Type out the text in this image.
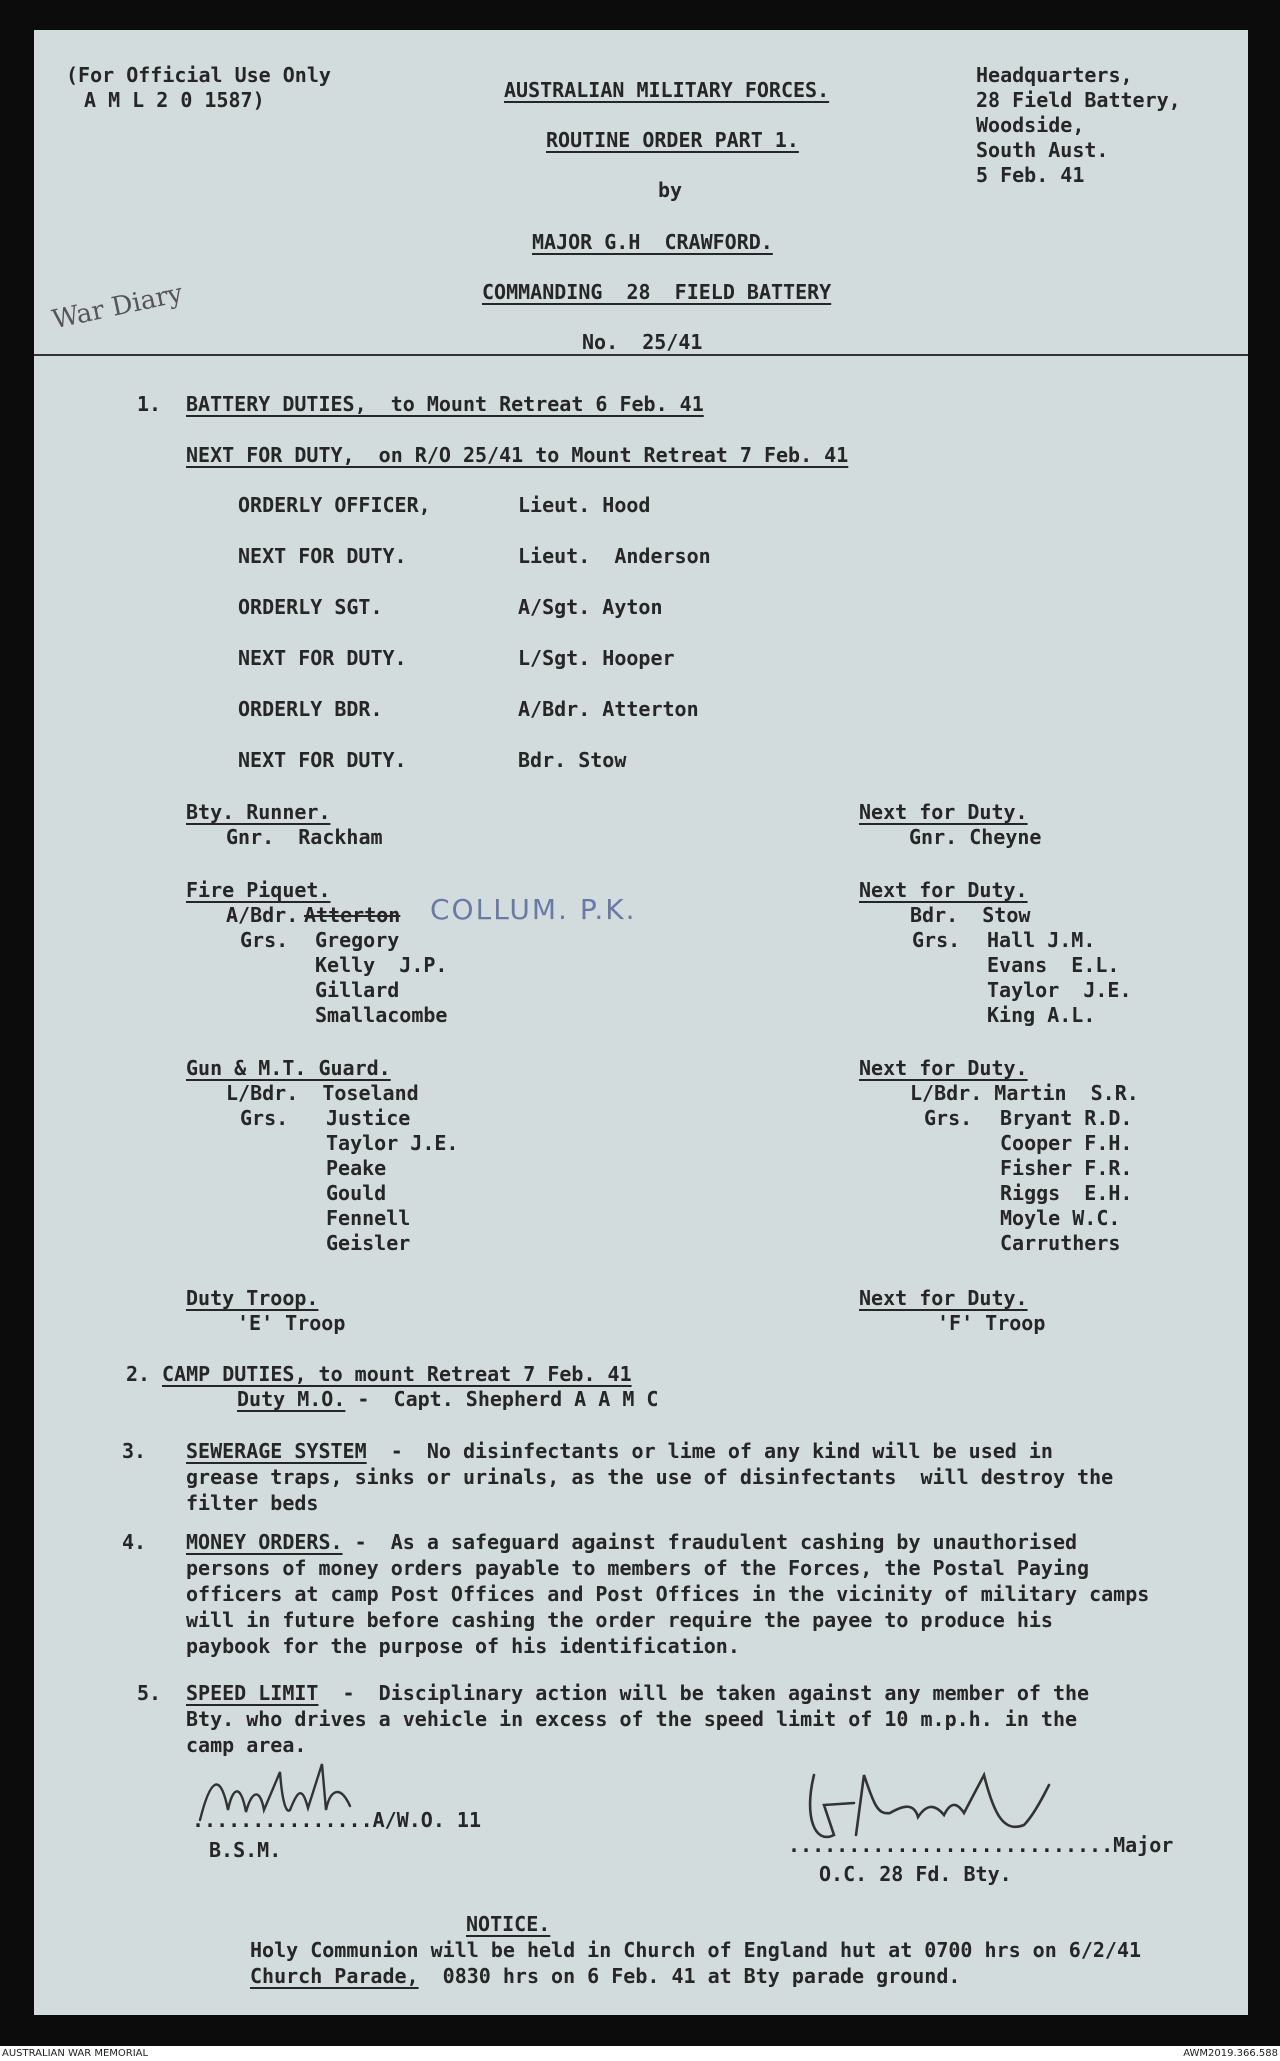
(For Official Use Only
A M L 2 0 1587)	AUSTRALIAN MILITARY FORCES.
ROUTINE ORDER PART 1.
by
MAJOR G.H  CRAWFORD.
COMMANDING  28  FIELD BATTERY
No.  25/41
Headquarters,
28 Field Battery,
Woodside,
South Aust.
5 Feb. 41
War Diary
1. BATTERY DUTIES,  to Mount Retreat 6 Feb. 41
NEXT FOR DUTY,  on R/O 25/41 to Mount Retreat 7 Feb. 41
ORDERLY OFFICER,	Lieut. Hood
NEXT FOR DUTY.	Lieut.  Anderson
ORDERLY SGT.	A/Sgt. Ayton
NEXT FOR DUTY.	L/Sgt. Hooper
ORDERLY BDR.	A/Bdr. Atterton
NEXT FOR DUTY.	Bdr. Stow
Bty. Runner.
Gnr.  Rackham
Next for Duty.
Gnr. Cheyne
Fire Piquet.
A/Bdr. Atterton COLLUM. P.K.
Grs. Gregory
Kelly  J.P.
Gillard
Smallacombe
Next for Duty.
Bdr.  Stow
Grs. Hall J.M.
Evans  E.L.
Taylor  J.E.
King A.L.
Gun & M.T. Guard.
L/Bdr.  Toseland
Grs. Justice
Taylor J.E.
Peake
Gould
Fennell
Geisler
Next for Duty.
L/Bdr. Martin  S.R.
Grs. Bryant R.D.
Cooper F.H.
Fisher F.R.
Riggs  E.H.
Moyle W.C.
Carruthers
Duty Troop.
'E' Troop
Next for Duty.
'F' Troop
2. CAMP DUTIES, to mount Retreat 7 Feb. 41
Duty M.O. -  Capt. Shepherd A A M C
3. SEWERAGE SYSTEM  -  No disinfectants or lime of any kind will be used in
grease traps, sinks or urinals, as the use of disinfectants  will destroy the
filter beds
4. MONEY ORDERS. -  As a safeguard against fraudulent cashing by unauthorised
persons of money orders payable to members of the Forces, the Postal Paying
officers at camp Post Offices and Post Offices in the vicinity of military camps
will in future before cashing the order require the payee to produce his
paybook for the purpose of his identification.
5. SPEED LIMIT  -  Disciplinary action will be taken against any member of the
Bty. who drives a vehicle in excess of the speed limit of 10 m.p.h. in the
camp area.
...............A/W.O. 11
B.S.M.	...........................Major
O.C. 28 Fd. Bty.
NOTICE.
Holy Communion will be held in Church of England hut at 0700 hrs on 6/2/41
Church Parade,  0830 hrs on 6 Feb. 41 at Bty parade ground.
AUSTRALIAN WAR MEMORIAL	AWM2019.366.588
